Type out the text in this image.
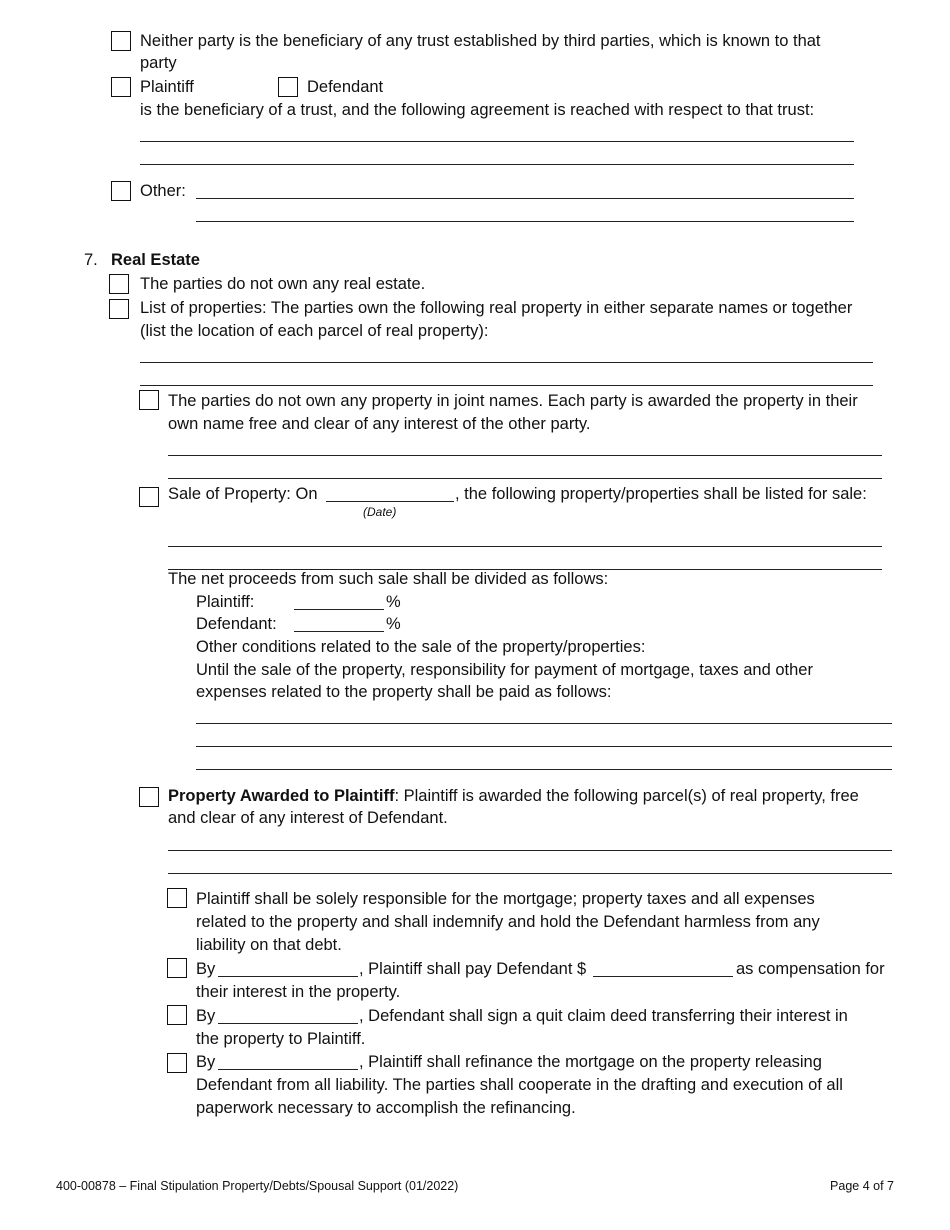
Neither party is the beneficiary of any trust established by third parties, which is known to that
party
Plaintiff	Defendant
is the beneficiary of a trust, and the following agreement is reached with respect to that trust:
Other:
7. Real Estate
The parties do not own any real estate.
List of properties: The parties own the following real property in either separate names or together
(list the location of each parcel of real property):
The parties do not own any property in joint names. Each party is awarded the property in their
own name free and clear of any interest of the other party.
Sale of Property: On	, the following property/properties shall be listed for sale:
(Date)
The net proceeds from such sale shall be divided as follows:
Plaintiff:	%
Defendant:	%
Other conditions related to the sale of the property/properties:
Until the sale of the property, responsibility for payment of mortgage, taxes and other
expenses related to the property shall be paid as follows:
Property Awarded to Plaintiff: Plaintiff is awarded the following parcel(s) of real property, free
and clear of any interest of Defendant.
Plaintiff shall be solely responsible for the mortgage; property taxes and all expenses
related to the property and shall indemnify and hold the Defendant harmless from any
liability on that debt.
By	, Plaintiff shall pay Defendant $	as compensation for
their interest in the property.
By	, Defendant shall sign a quit claim deed transferring their interest in
the property to Plaintiff.
By	, Plaintiff shall refinance the mortgage on the property releasing
Defendant from all liability. The parties shall cooperate in the drafting and execution of all
paperwork necessary to accomplish the refinancing.
400-00878 – Final Stipulation Property/Debts/Spousal Support (01/2022)	Page 4 of 7
